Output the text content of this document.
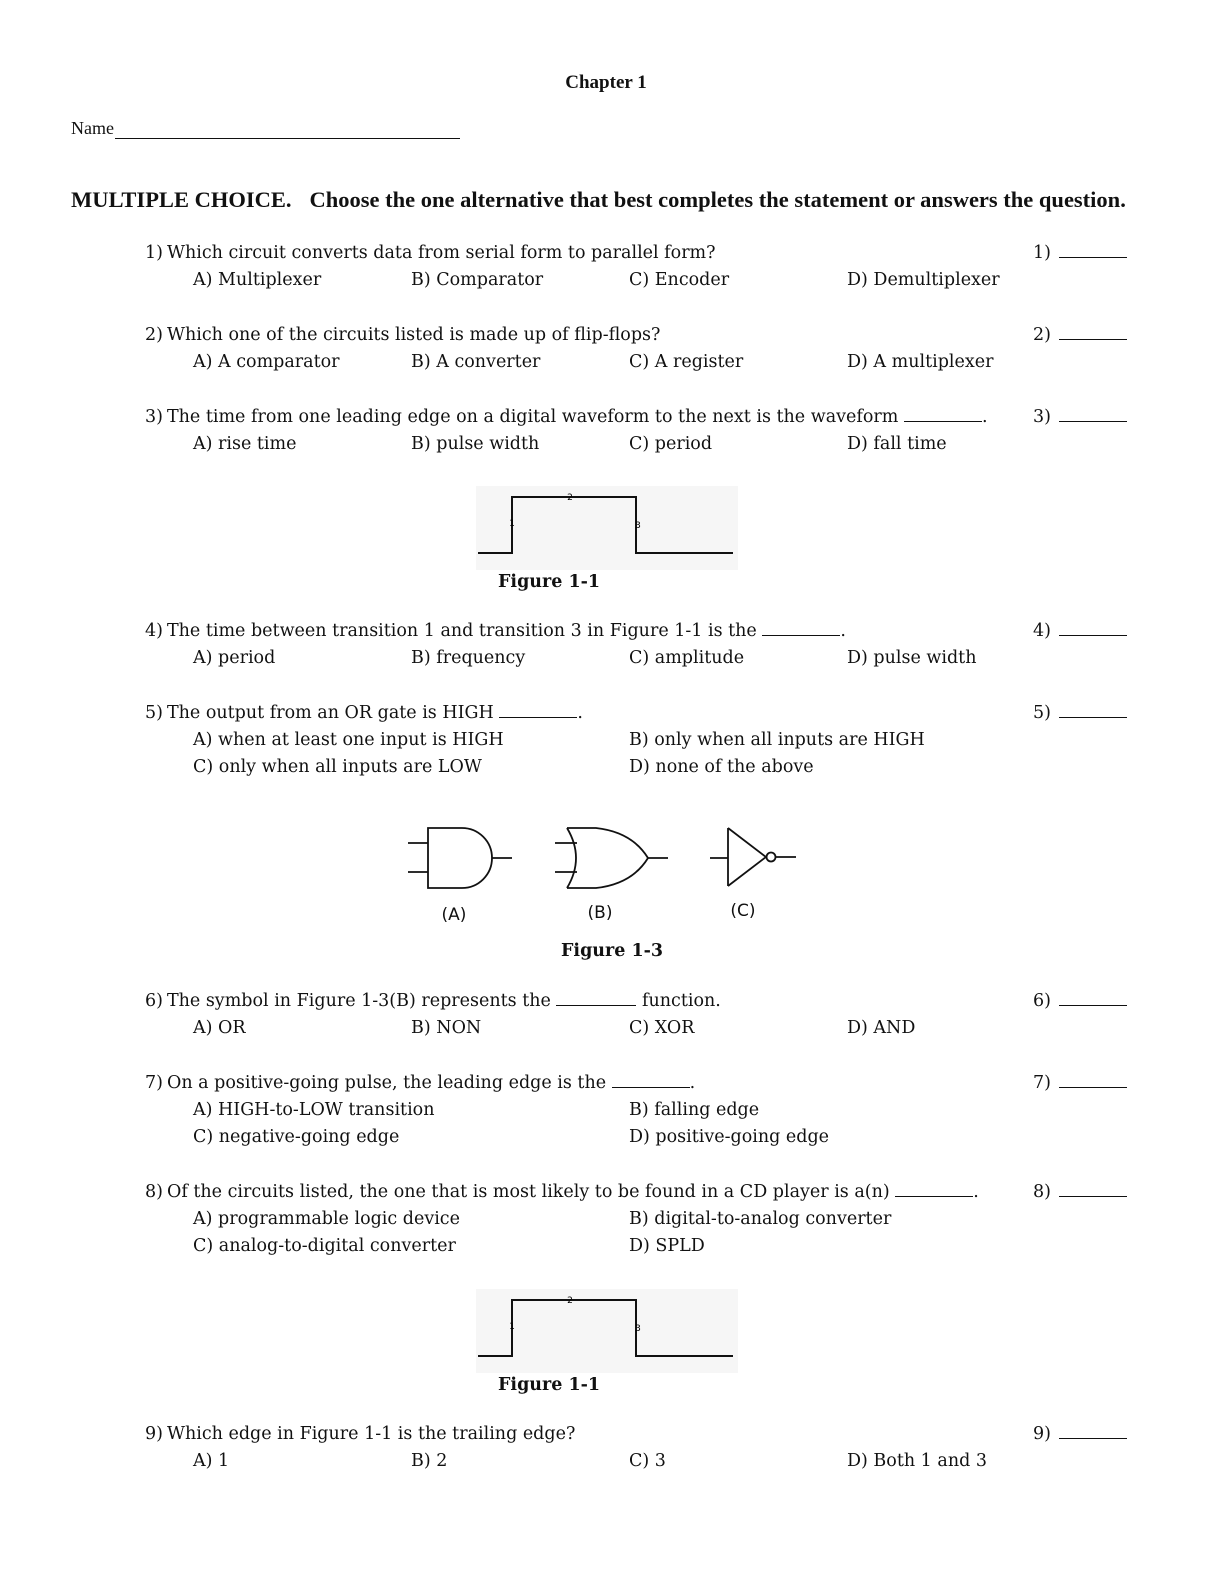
Chapter 1
Name
MULTIPLE CHOICE. Choose the one alternative that best completes the statement or answers the question.
1) Which circuit converts data from serial form to parallel form?	1)
A) Multiplexer	B) Comparator	C) Encoder	D) Demultiplexer
2) Which one of the circuits listed is made up of flip-flops?	2)
A) A comparator	B) A converter	C) A register	D) A multiplexer
3) The time from one leading edge on a digital waveform to the next is the waveform	.	3)
A) rise time	B) pulse width	C) period	D) fall time
1
2
3
Figure 1-1
4) The time between transition 1 and transition 3 in Figure 1-1 is the	.	4)
A) period	B) frequency	C) amplitude	D) pulse width
5) The output from an OR gate is HIGH	.	5)
A) when at least one input is HIGH	B) only when all inputs are HIGH
C) only when all inputs are LOW	D) none of the above
(A)	(B)	(C)
Figure 1-3
6) The symbol in Figure 1-3(B) represents the	function.	6)
A) OR	B) NON	C) XOR	D) AND
7) On a positive-going pulse, the leading edge is the	.	7)
A) HIGH-to-LOW transition	B) falling edge
C) negative-going edge	D) positive-going edge
8) Of the circuits listed, the one that is most likely to be found in a CD player is a(n)	.	8)
A) programmable logic device	B) digital-to-analog converter
C) analog-to-digital converter	D) SPLD
1
2
3
Figure 1-1
9) Which edge in Figure 1-1 is the trailing edge?	9)
A) 1	B) 2	C) 3	D) Both 1 and 3
